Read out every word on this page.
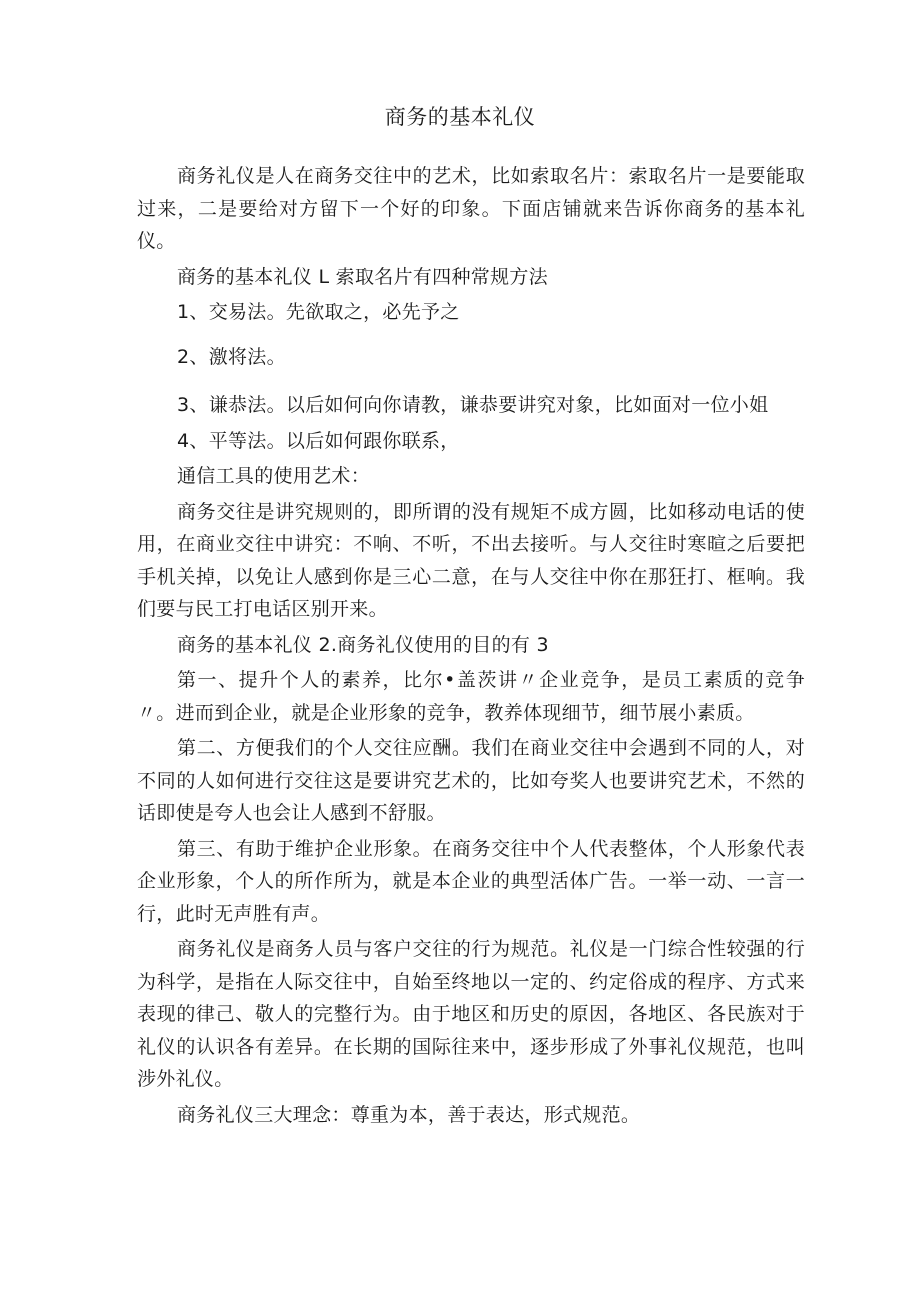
商务的基本礼仪

商务礼仪是人在商务交往中的艺术，比如索取名片：索取名片一是要能取过来，二是要给对方留下一个好的印象。下面店铺就来告诉你商务的基本礼仪。

商务的基本礼仪 L 索取名片有四种常规方法

1、交易法。先欲取之，必先予之

2、激将法。

3、谦恭法。以后如何向你请教，谦恭要讲究对象，比如面对一位小姐

4、平等法。以后如何跟你联系，

通信工具的使用艺术：

商务交往是讲究规则的，即所谓的没有规矩不成方圆，比如移动电话的使用，在商业交往中讲究：不响、不听，不出去接听。与人交往时寒暄之后要把手机关掉，以免让人感到你是三心二意，在与人交往中你在那狂打、框响。我们要与民工打电话区别开来。

商务的基本礼仪 2.商务礼仪使用的目的有 3

第一、提升个人的素养，比尔•盖茨讲〃企业竞争，是员工素质的竞争〃。进而到企业，就是企业形象的竞争，教养体现细节，细节展小素质。

第二、方便我们的个人交往应酬。我们在商业交往中会遇到不同的人，对不同的人如何进行交往这是要讲究艺术的，比如夸奖人也要讲究艺术，不然的话即使是夸人也会让人感到不舒服。

第三、有助于维护企业形象。在商务交往中个人代表整体，个人形象代表企业形象，个人的所作所为，就是本企业的典型活体广告。一举一动、一言一行，此时无声胜有声。

商务礼仪是商务人员与客户交往的行为规范。礼仪是一门综合性较强的行为科学，是指在人际交往中，自始至终地以一定的、约定俗成的程序、方式来表现的律己、敬人的完整行为。由于地区和历史的原因，各地区、各民族对于礼仪的认识各有差异。在长期的国际往来中，逐步形成了外事礼仪规范，也叫涉外礼仪。

商务礼仪三大理念：尊重为本，善于表达，形式规范。
